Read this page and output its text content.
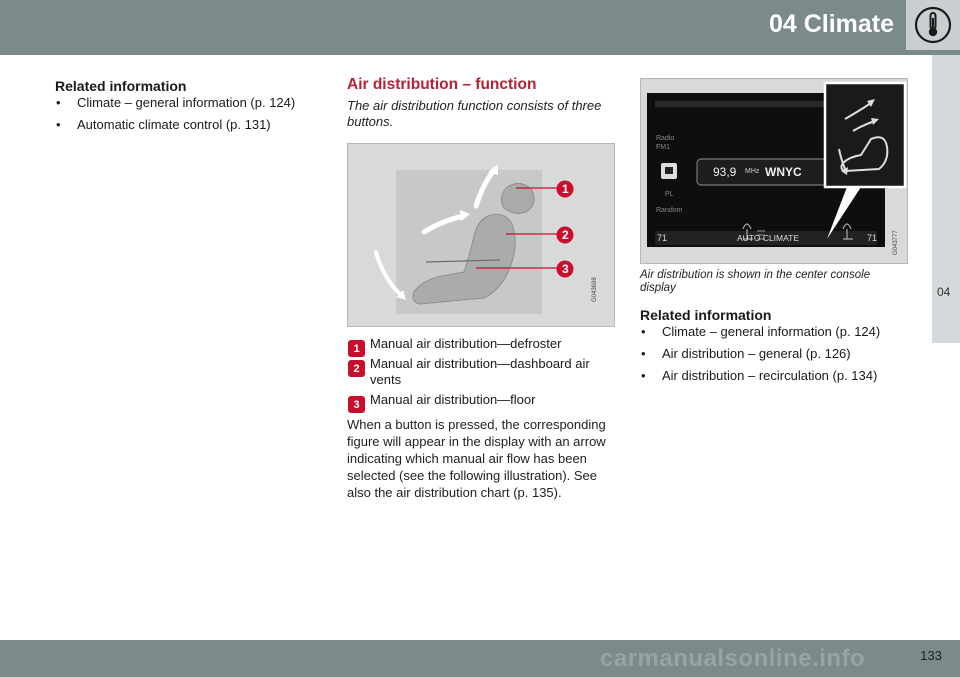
04 Climate
04
Related information
• Climate – general information (p. 124)
• Automatic climate control (p. 131)
Air distribution – function

The air distribution function consists of three buttons.

1
2
3
G043698
1 Manual air distribution—defroster
2 Manual air distribution—dashboard air vents
3 Manual air distribution—floor

When a button is pressed, the corresponding figure will appear in the display with an arrow indicating which manual air flow has been selected (see the following illustration). See also the air distribution chart (p. 135).

Radio
FM1
93,9 MHz WNYC
PL
Random
71	AUTO CLIMATE	71	G043777

Air distribution is shown in the center console display

Related information
• Climate – general information (p. 124)
• Air distribution – general (p. 126)
• Air distribution – recirculation (p. 134)
carmanualsonline.info	133
